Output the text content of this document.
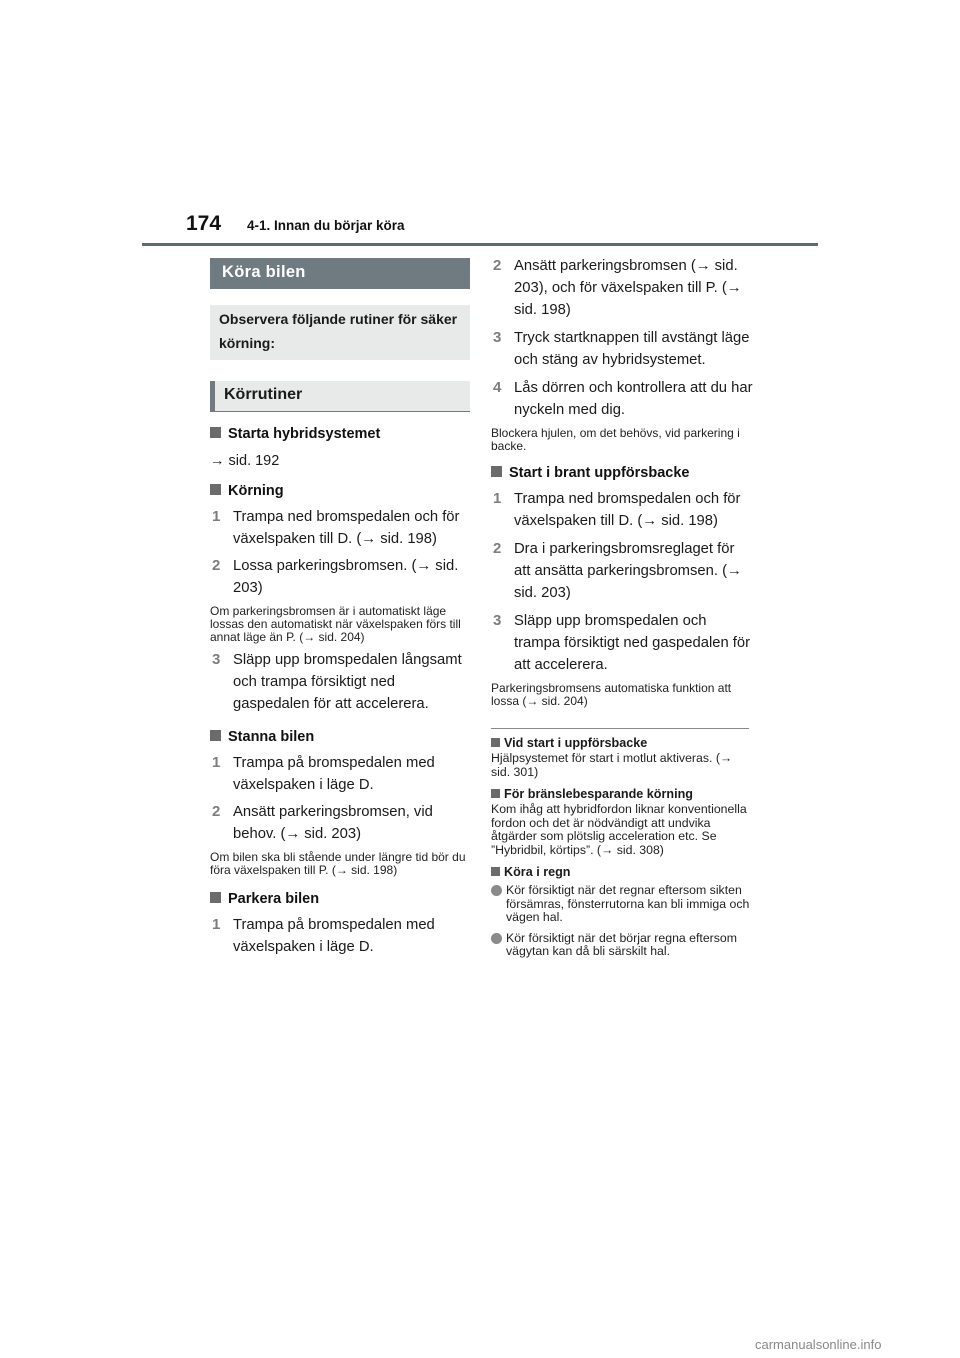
174 4-1. Innan du börjar köra
Köra bilen
Observera följande rutiner för säker körning:
Körrutiner
Starta hybridsystemet
→ sid. 192
Körning
1 Trampa ned bromspedalen och för växelspaken till D. (→ sid. 198)
2 Lossa parkeringsbromsen. (→ sid. 203)
Om parkeringsbromsen är i automatiskt läge lossas den automatiskt när växelspaken förs till annat läge än P. (→ sid. 204)
3 Släpp upp bromspedalen långsamt och trampa försiktigt ned gaspedalen för att accelerera.
Stanna bilen
1 Trampa på bromspedalen med växelspaken i läge D.
2 Ansätt parkeringsbromsen, vid behov. (→ sid. 203)
Om bilen ska bli stående under längre tid bör du föra växelspaken till P. (→ sid. 198)
Parkera bilen
1 Trampa på bromspedalen med växelspaken i läge D.
2 Ansätt parkeringsbromsen (→ sid. 203), och för växelspaken till P. (→ sid. 198)
3 Tryck startknappen till avstängt läge och stäng av hybridsystemet.
4 Lås dörren och kontrollera att du har nyckeln med dig.
Blockera hjulen, om det behövs, vid parkering i backe.
Start i brant uppförsbacke
1 Trampa ned bromspedalen och för växelspaken till D. (→ sid. 198)
2 Dra i parkeringsbromsreglaget för att ansätta parkeringsbromsen. (→ sid. 203)
3 Släpp upp bromspedalen och trampa försiktigt ned gaspedalen för att accelerera.
Parkeringsbromsens automatiska funktion att lossa (→ sid. 204)
Vid start i uppförsbacke
Hjälpsystemet för start i motlut aktiveras. (→ sid. 301)
För bränslebesparande körning
Kom ihåg att hybridfordon liknar konventionella fordon och det är nödvändigt att undvika åtgärder som plötslig acceleration etc. Se ”Hybridbil, körtips”. (→ sid. 308)
Köra i regn
Kör försiktigt när det regnar eftersom sikten försämras, fönsterrutorna kan bli immiga och vägen hal.
Kör försiktigt när det börjar regna eftersom vägytan kan då bli särskilt hal.
carmanualsonline.info
